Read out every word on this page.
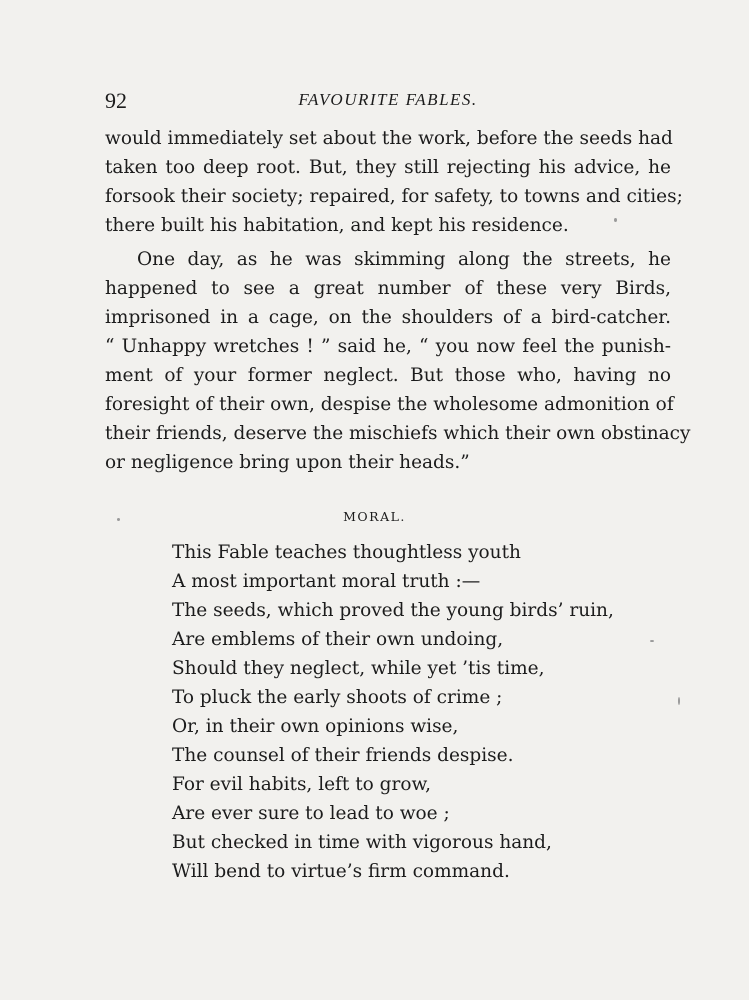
92	FAVOURITE FABLES.
would immediately set about the work, before the seeds had
taken too deep root. But, they still rejecting his advice, he
forsook their society; repaired, for safety, to towns and cities;
there built his habitation, and kept his residence.
One day, as he was skimming along the streets, he
happened to see a great number of these very Birds,
imprisoned in a cage, on the shoulders of a bird-catcher.
“ Unhappy wretches ! ” said he, “ you now feel the punish-
ment of your former neglect. But those who, having no
foresight of their own, despise the wholesome admonition of
their friends, deserve the mischiefs which their own obstinacy
or negligence bring upon their heads.”
MORAL.
This Fable teaches thoughtless youth
A most important moral truth :—
The seeds, which proved the young birds’ ruin,
Are emblems of their own undoing,
Should they neglect, while yet ’tis time,
To pluck the early shoots of crime ;
Or, in their own opinions wise,
The counsel of their friends despise.
For evil habits, left to grow,
Are ever sure to lead to woe ;
But checked in time with vigorous hand,
Will bend to virtue’s firm command.
